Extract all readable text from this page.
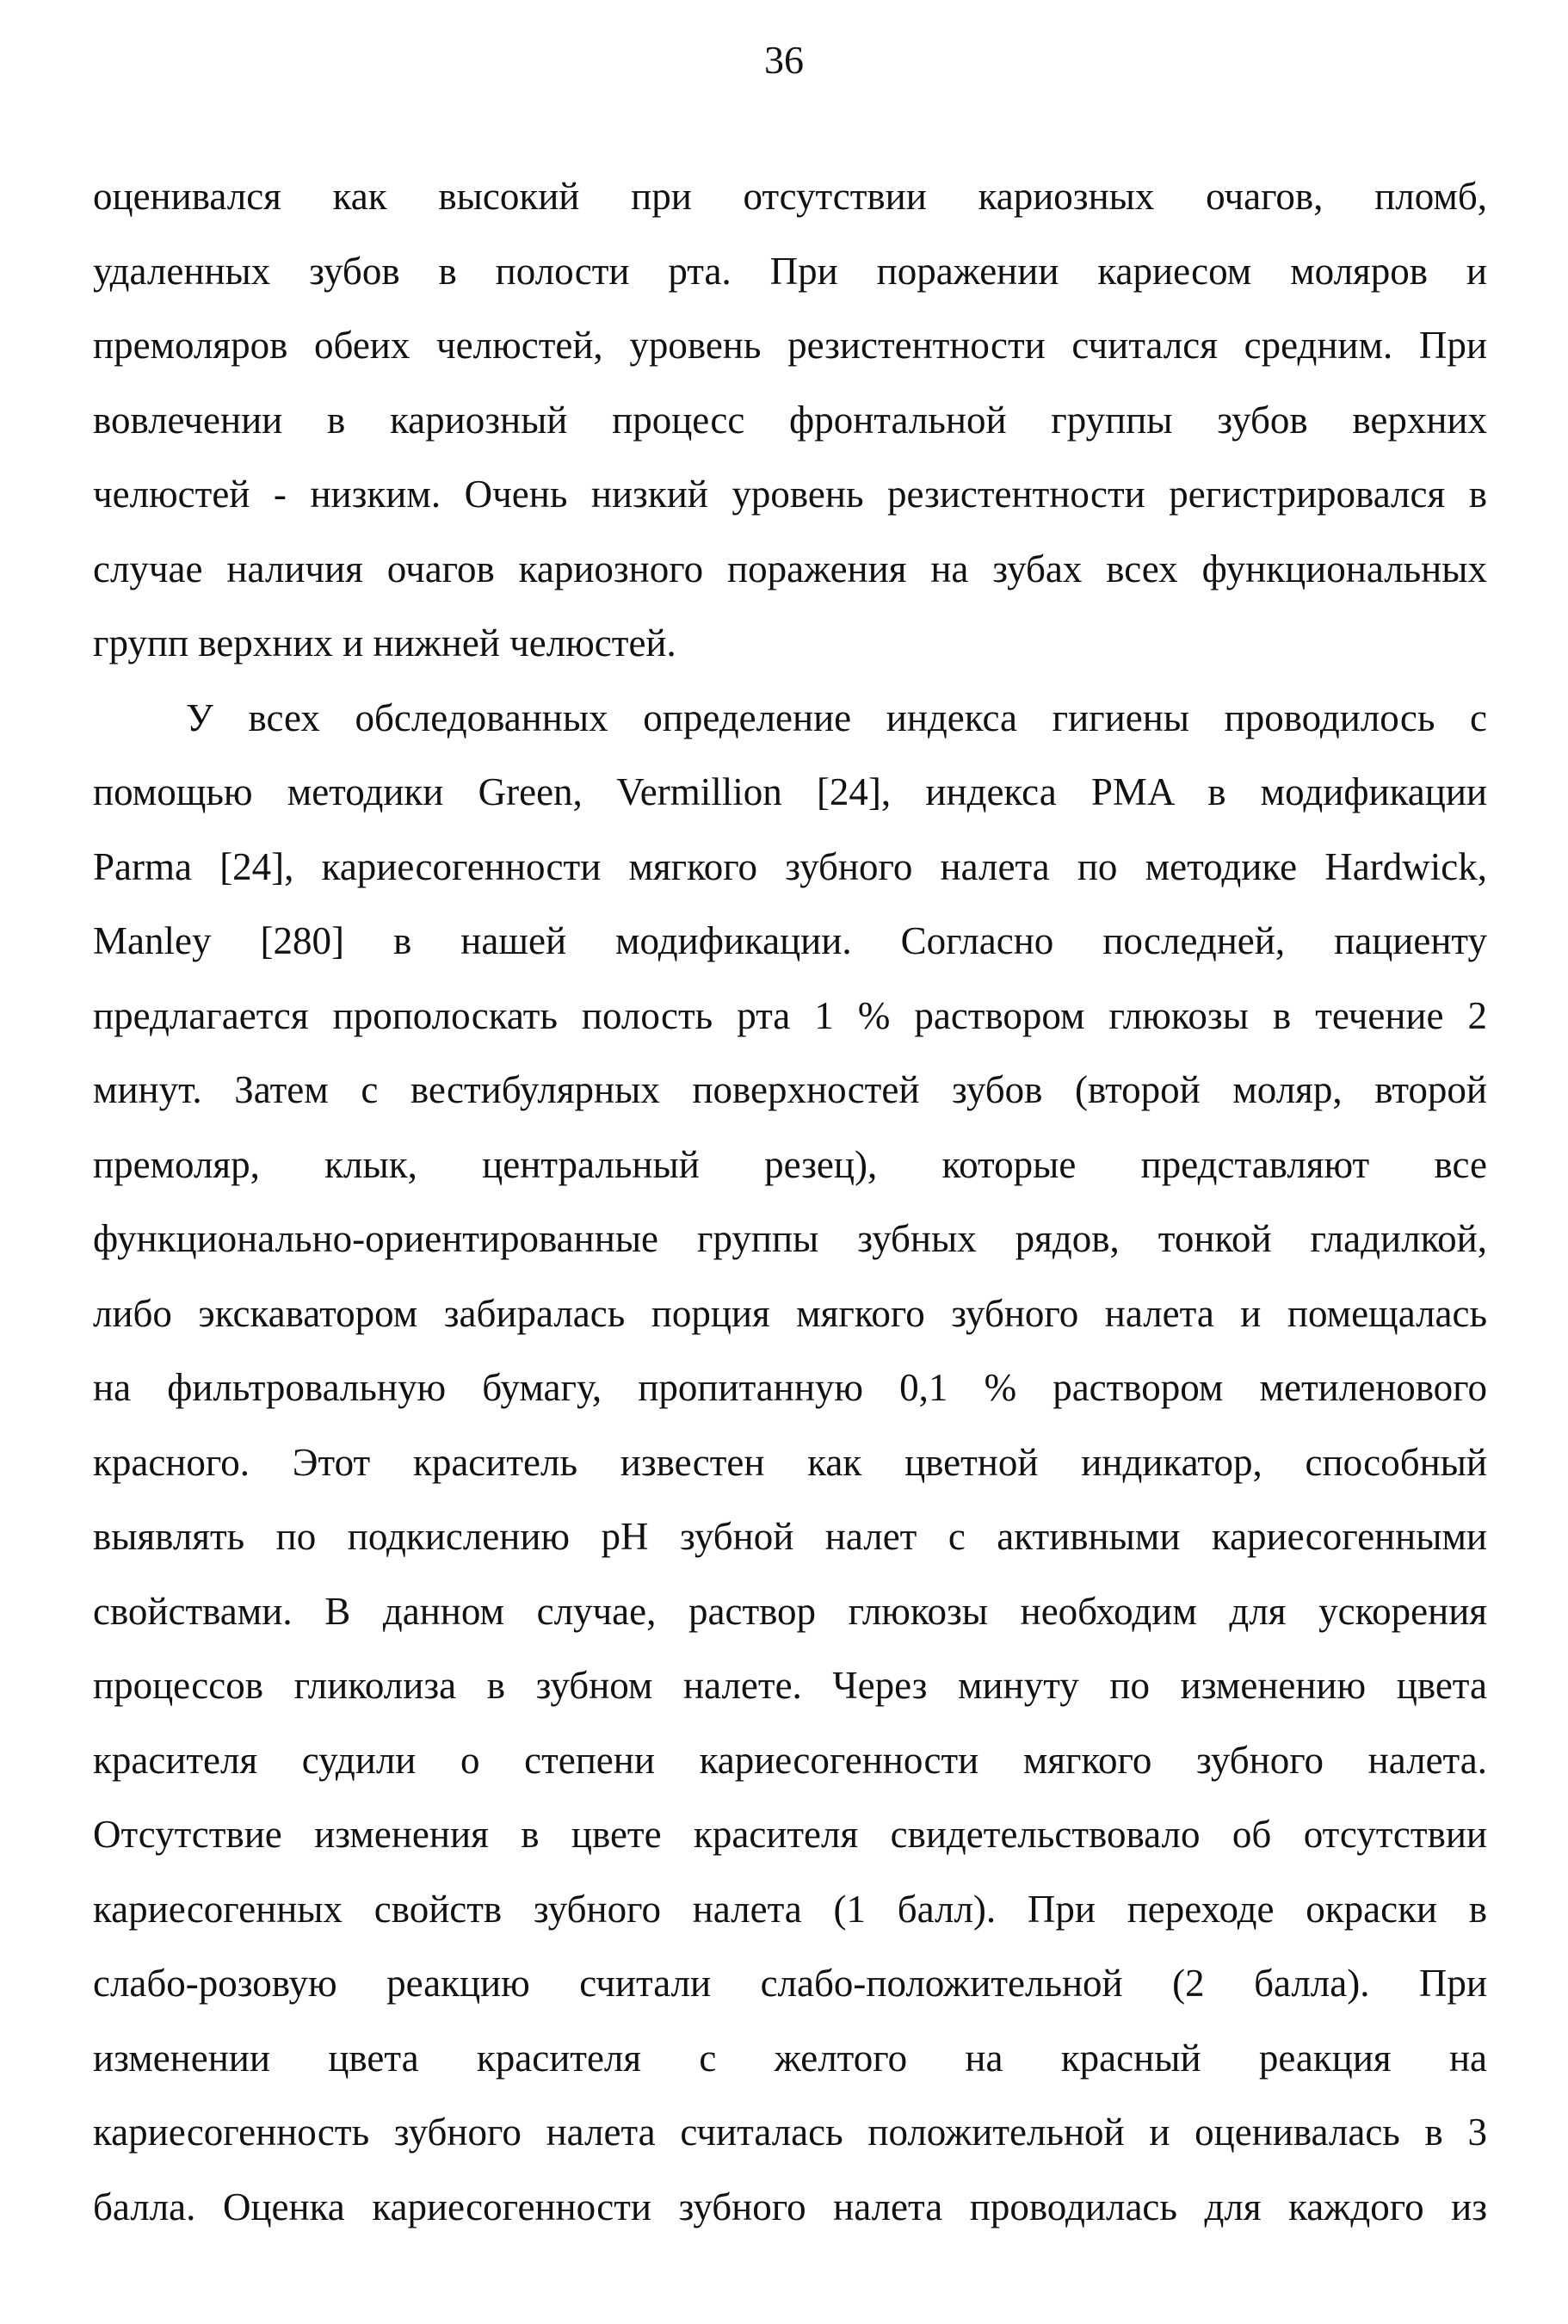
36
оценивался как высокий при отсутствии кариозных очагов, пломб,
удаленных зубов в полости рта. При поражении кариесом моляров и
премоляров обеих челюстей, уровень резистентности считался средним. При
вовлечении в кариозный процесс фронтальной группы зубов верхних
челюстей - низким. Очень низкий уровень резистентности регистрировался в
случае наличия очагов кариозного поражения на зубах всех функциональных
групп верхних и нижней челюстей.
У всех обследованных определение индекса гигиены проводилось с
помощью методики Green, Vermillion [24], индекса PMA в модификации
Parma [24], кариесогенности мягкого зубного налета по методике Hardwick,
Manley [280] в нашей модификации. Согласно последней, пациенту
предлагается прополоскать полость рта 1 % раствором глюкозы в течение 2
минут. Затем с вестибулярных поверхностей зубов (второй моляр, второй
премоляр, клык, центральный резец), которые представляют все
функционально-ориентированные группы зубных рядов, тонкой гладилкой,
либо экскаватором забиралась порция мягкого зубного налета и помещалась
на фильтровальную бумагу, пропитанную 0,1 % раствором метиленового
красного. Этот краситель известен как цветной индикатор, способный
выявлять по подкислению pH зубной налет с активными кариесогенными
свойствами. В данном случае, раствор глюкозы необходим для ускорения
процессов гликолиза в зубном налете. Через минуту по изменению цвета
красителя судили о степени кариесогенности мягкого зубного налета.
Отсутствие изменения в цвете красителя свидетельствовало об отсутствии
кариесогенных свойств зубного налета (1 балл). При переходе окраски в
слабо-розовую реакцию считали слабо-положительной (2 балла). При
изменении цвета красителя с желтого на красный реакция на
кариесогенность зубного налета считалась положительной и оценивалась в 3
балла. Оценка кариесогенности зубного налета проводилась для каждого из
